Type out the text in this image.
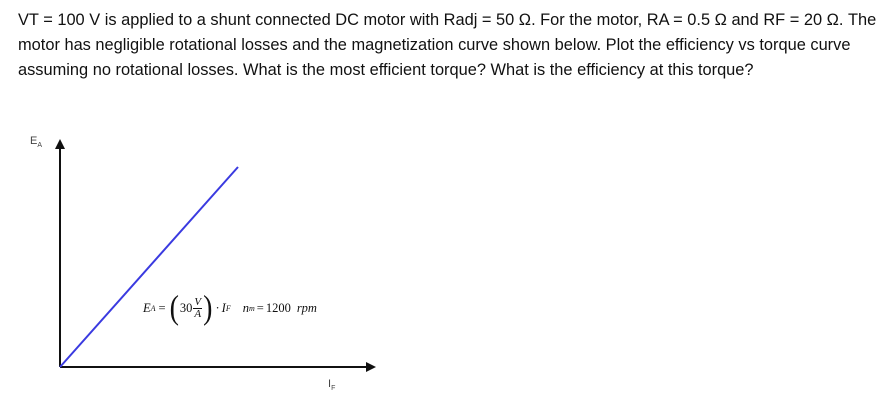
VT = 100 V is applied to a shunt connected DC motor with Radj = 50 Ω. For the motor, RA = 0.5 Ω and RF = 20 Ω. The motor has negligible rotational losses and the magnetization curve shown below. Plot the efficiency vs torque curve assuming no rotational losses. What is the most efficient torque? What is the efficiency at this torque?

$E_A$
$I_F$
E A = ( $30 \frac{V}{A}$ ) · I F n m = 1200 rpm
